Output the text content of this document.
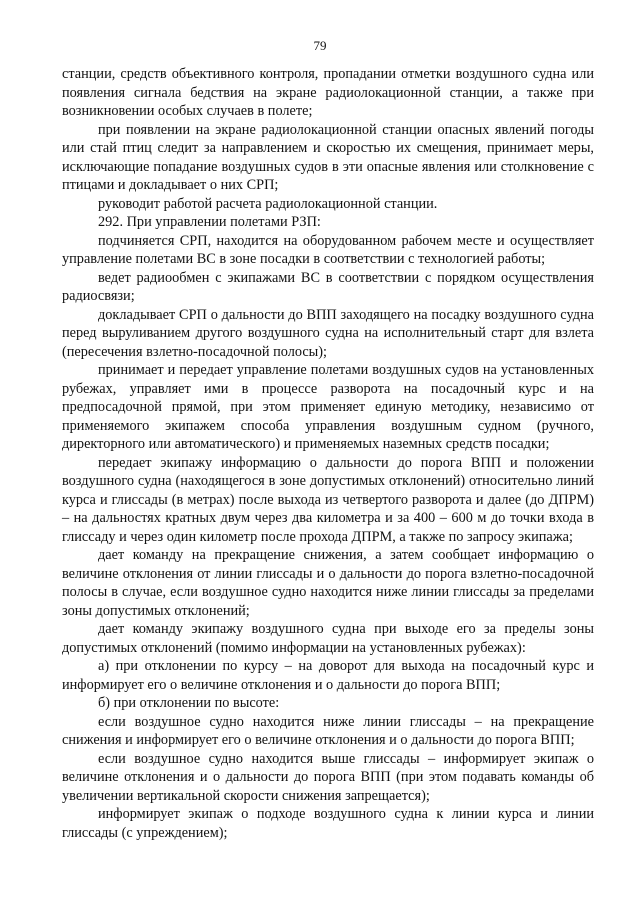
79

станции, средств объективного контроля, пропадании отметки воздушного судна или появления сигнала бедствия на экране радиолокационной станции, а также при возникновении особых случаев в полете;

при появлении на экране радиолокационной станции опасных явлений погоды или стай птиц следит за направлением и скоростью их смещения, принимает меры, исключающие попадание воздушных судов в эти опасные явления или столкновение с птицами и докладывает о них СРП;

руководит работой расчета радиолокационной станции.

292. При управлении полетами РЗП:

подчиняется СРП, находится на оборудованном рабочем месте и осуществляет управление полетами ВС в зоне посадки в соответствии с технологией работы;

ведет радиообмен с экипажами ВС в соответствии с порядком осуществления радиосвязи;

докладывает СРП о дальности до ВПП заходящего на посадку воздушного судна перед выруливанием другого воздушного судна на исполнительный старт для взлета (пересечения взлетно-посадочной полосы);

принимает и передает управление полетами воздушных судов на установленных рубежах, управляет ими в процессе разворота на посадочный курс и на предпосадочной прямой, при этом применяет единую методику, независимо от применяемого экипажем способа управления воздушным судном (ручного, директорного или автоматического) и применяемых наземных средств посадки;

передает экипажу информацию о дальности до порога ВПП и положении воздушного судна (находящегося в зоне допустимых отклонений) относительно линий курса и глиссады (в метрах) после выхода из четвертого разворота и далее (до ДПРМ) – на дальностях кратных двум через два километра и за 400 – 600 м до точки входа в глиссаду и через один километр после прохода ДПРМ, а также по запросу экипажа;

дает команду на прекращение снижения, а затем сообщает информацию о величине отклонения от линии глиссады и о дальности до порога взлетно-посадочной полосы в случае, если воздушное судно находится ниже линии глиссады за пределами зоны допустимых отклонений;

дает команду экипажу воздушного судна при выходе его за пределы зоны допустимых отклонений (помимо информации на установленных рубежах):

а) при отклонении по курсу – на доворот для выхода на посадочный курс и информирует его о величине отклонения и о дальности до порога ВПП;

б) при отклонении по высоте:

если воздушное судно находится ниже линии глиссады – на прекращение снижения и информирует его о величине отклонения и о дальности до порога ВПП;

если воздушное судно находится выше глиссады – информирует экипаж о величине отклонения и о дальности до порога ВПП (при этом подавать команды об увеличении вертикальной скорости снижения запрещается);

информирует экипаж о подходе воздушного судна к линии курса и линии глиссады (с упреждением);
